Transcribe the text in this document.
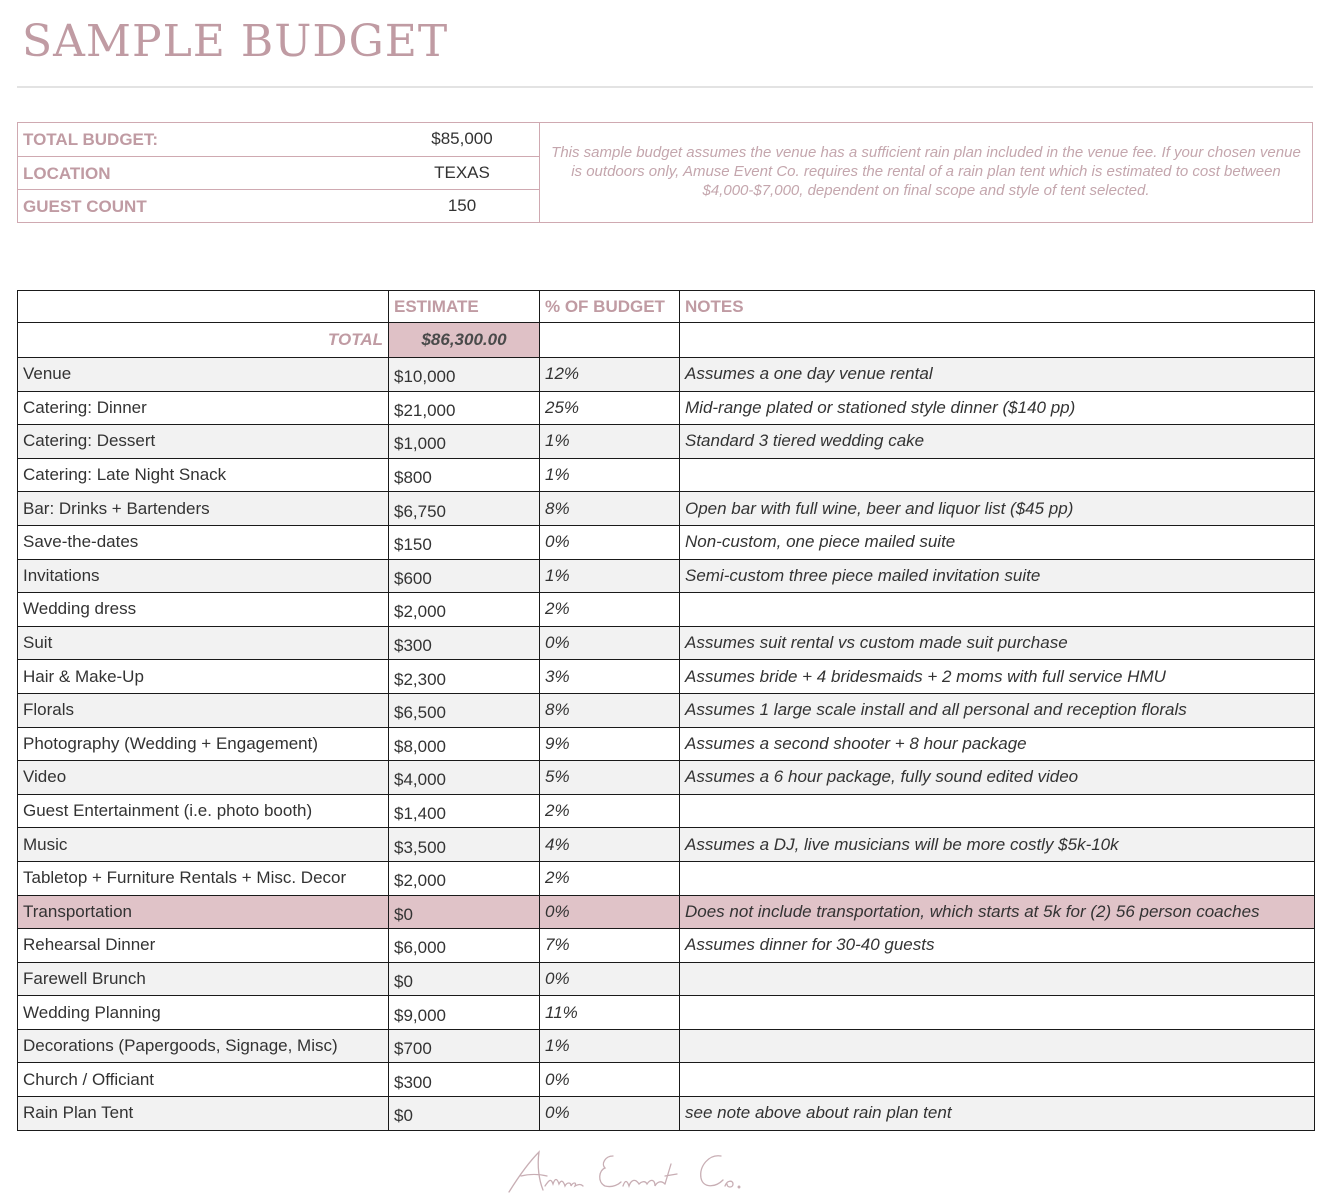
SAMPLE BUDGET
TOTAL BUDGET:	$85,000
LOCATION	TEXAS
GUEST COUNT	150
This sample budget assumes the venue has a sufficient rain plan included in the venue fee. If your chosen venue is outdoors only, Amuse Event Co. requires the rental of a rain plan tent which is estimated to cost between $4,000-$7,000, dependent on final scope and style of tent selected.
	ESTIMATE	% OF BUDGET	NOTES
TOTAL	$86,300.00		
Venue	$10,000	12%	Assumes a one day venue rental
Catering: Dinner	$21,000	25%	Mid-range plated or stationed style dinner ($140 pp)
Catering: Dessert	$1,000	1%	Standard 3 tiered wedding cake
Catering: Late Night Snack	$800	1%	
Bar: Drinks + Bartenders	$6,750	8%	Open bar with full wine, beer and liquor list ($45 pp)
Save-the-dates	$150	0%	Non-custom, one piece mailed suite
Invitations	$600	1%	Semi-custom three piece mailed invitation suite
Wedding dress	$2,000	2%	
Suit	$300	0%	Assumes suit rental vs custom made suit purchase
Hair & Make-Up	$2,300	3%	Assumes bride + 4 bridesmaids + 2 moms with full service HMU
Florals	$6,500	8%	Assumes 1 large scale install and all personal and reception florals
Photography (Wedding + Engagement)	$8,000	9%	Assumes a second shooter + 8 hour package
Video	$4,000	5%	Assumes a 6 hour package, fully sound edited video
Guest Entertainment (i.e. photo booth)	$1,400	2%	
Music	$3,500	4%	Assumes a DJ, live musicians will be more costly $5k-10k
Tabletop + Furniture Rentals + Misc. Decor	$2,000	2%	
Transportation	$0	0%	Does not include transportation, which starts at 5k for (2) 56 person coaches
Rehearsal Dinner	$6,000	7%	Assumes dinner for 30-40 guests
Farewell Brunch	$0	0%	
Wedding Planning	$9,000	11%	
Decorations (Papergoods, Signage, Misc)	$700	1%	
Church / Officiant	$300	0%	
Rain Plan Tent	$0	0%	see note above about rain plan tent
